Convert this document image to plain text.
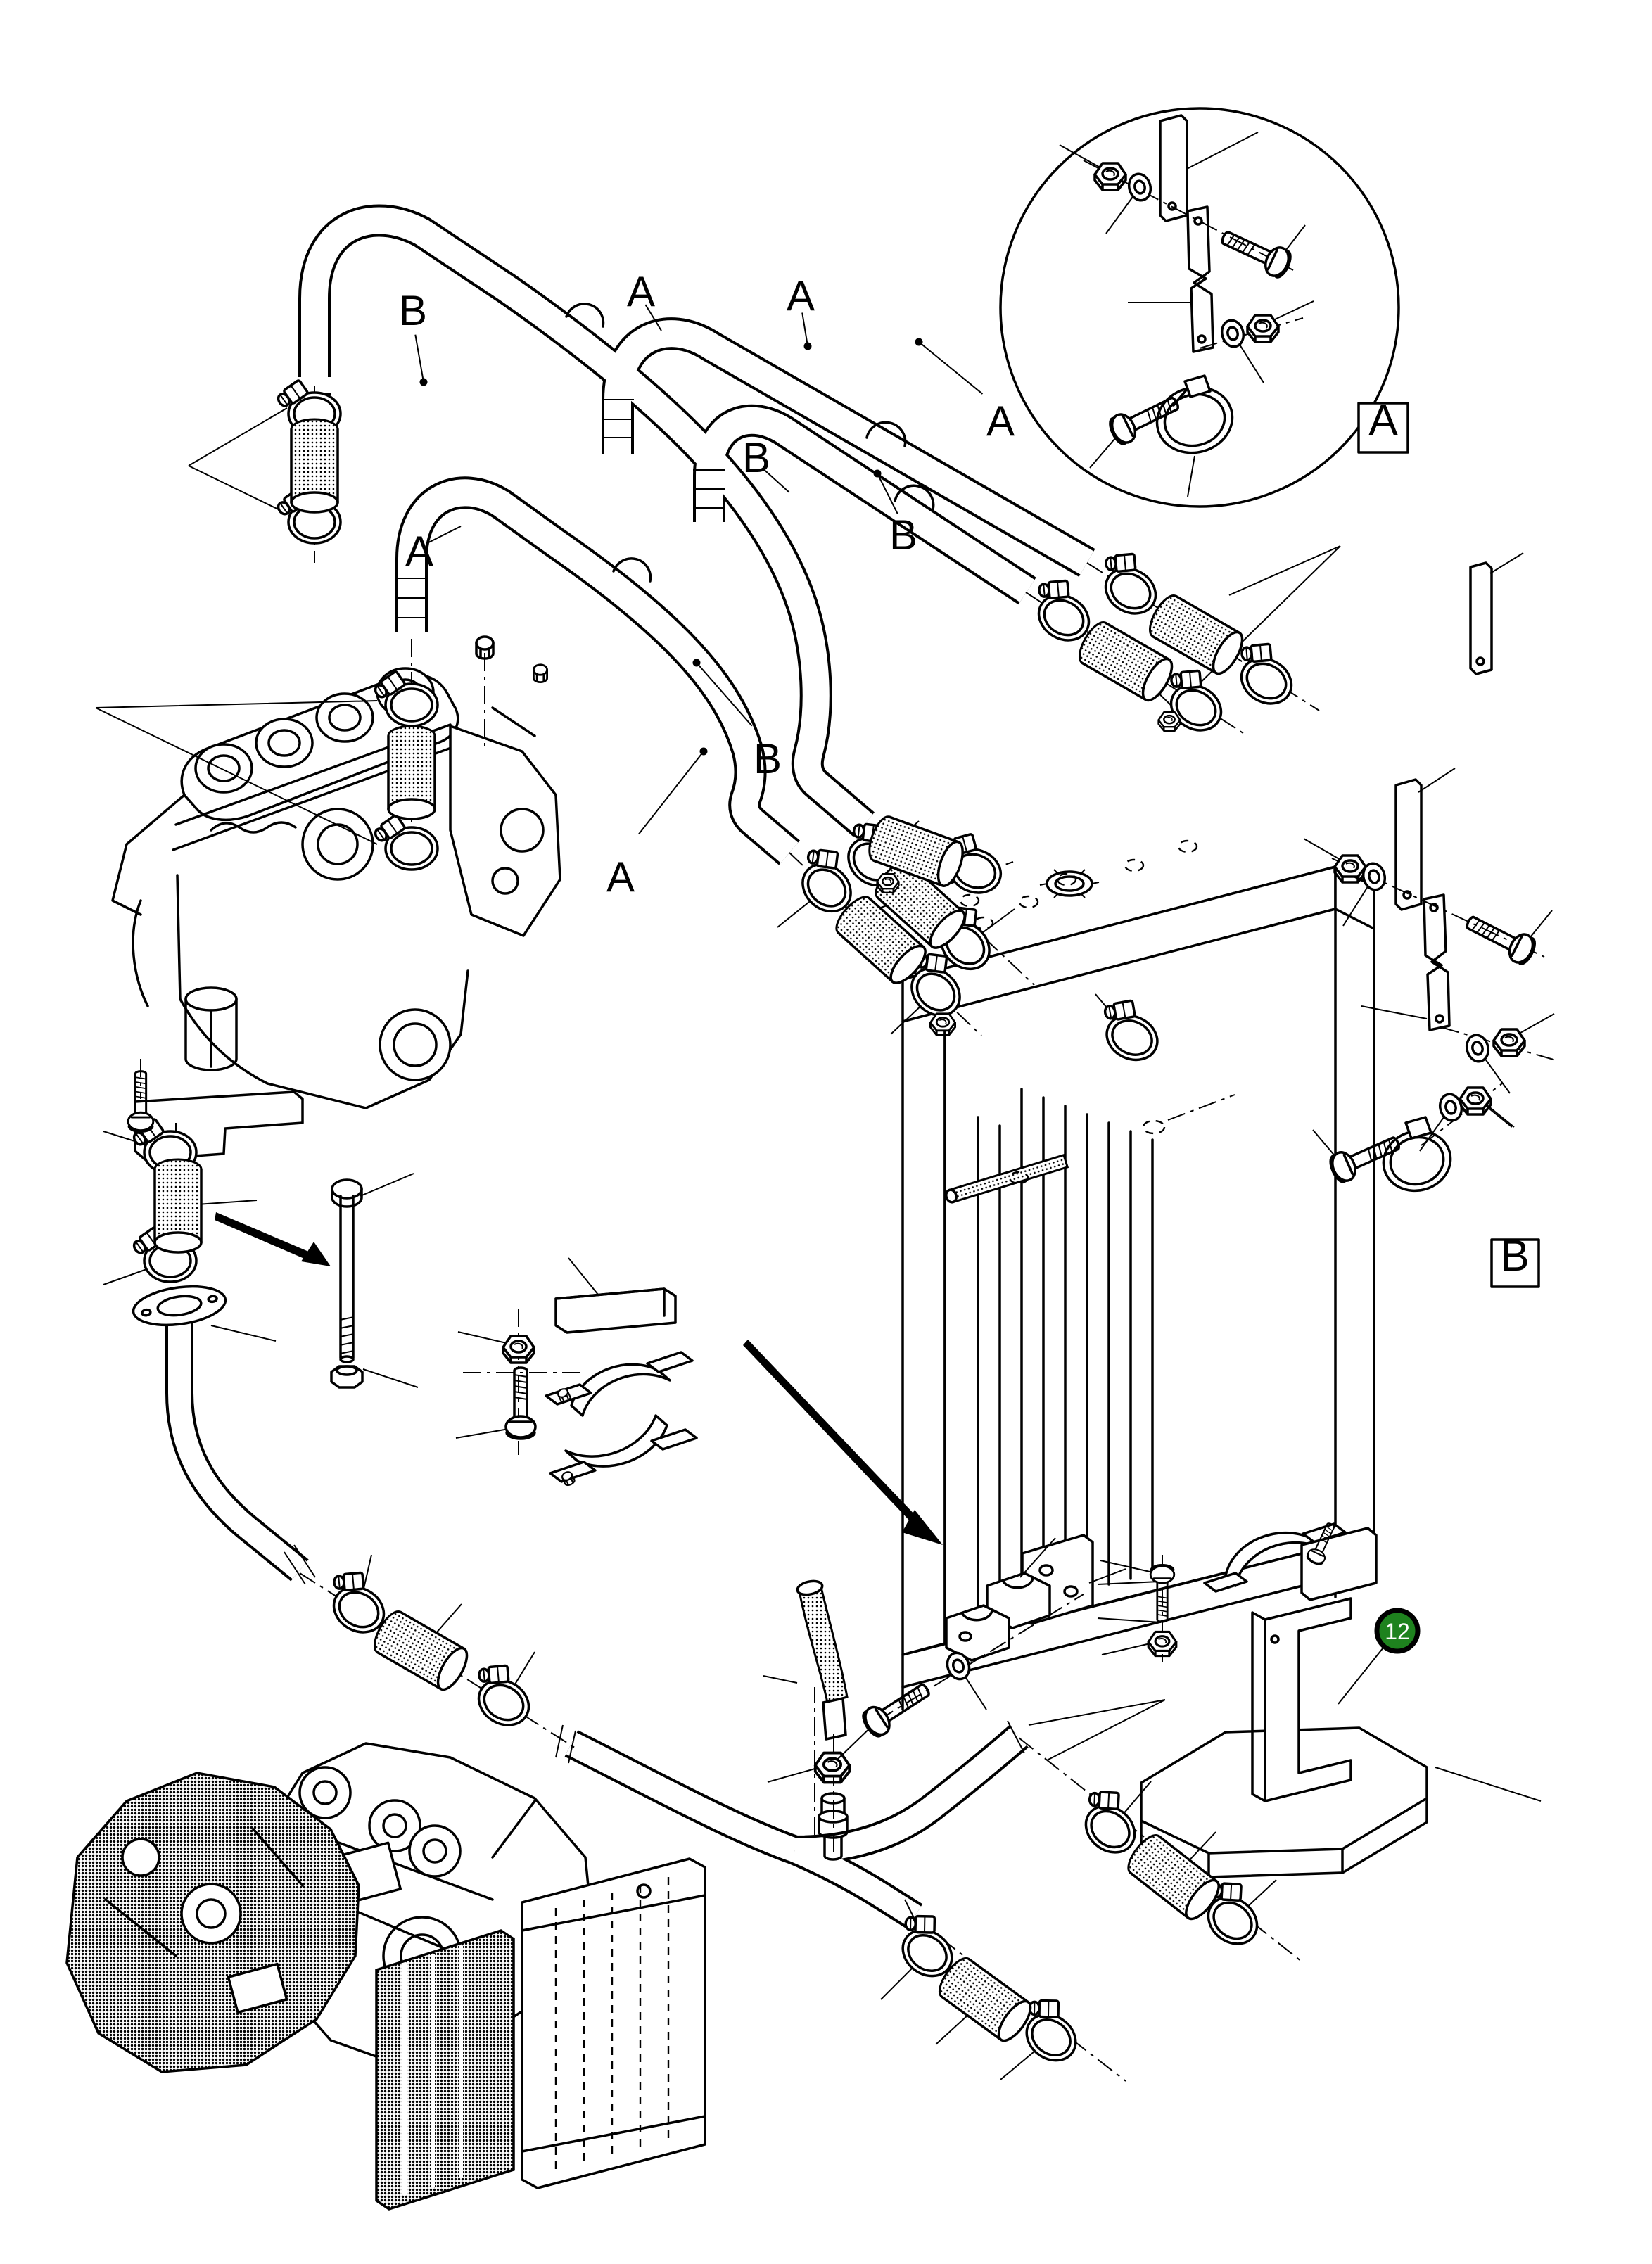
B	A	A
A
B
B
A
B
A
A
B
12
